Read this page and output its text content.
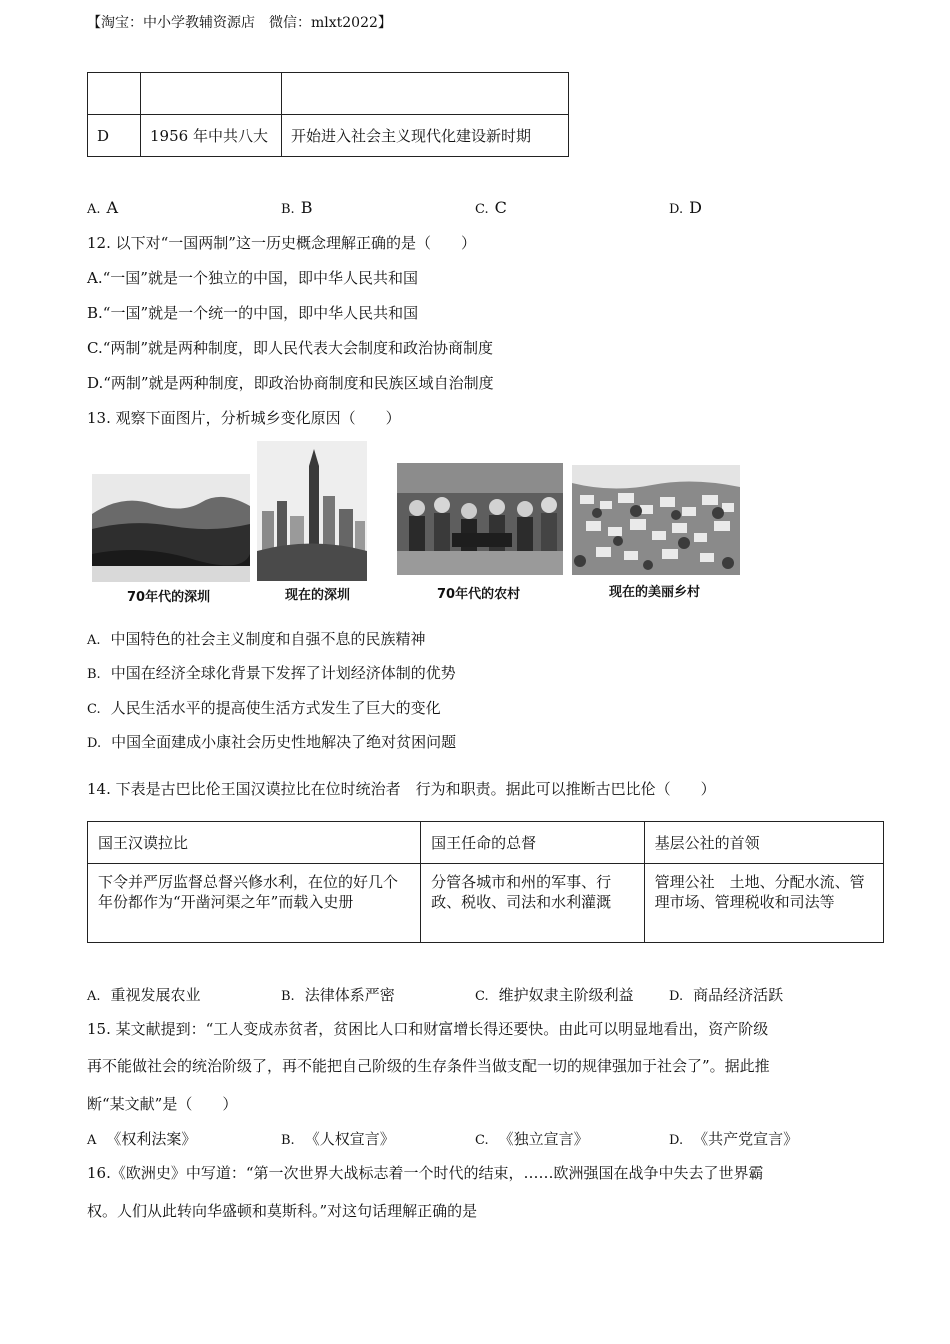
【淘宝：中小学教辅资源店　微信：mlxt2022】

D	1956 年中共八大	开始进入社会主义现代化建设新时期
A. A	B. B	C. C	D. D
12. 以下对“一国两制”这一历史概念理解正确的是（　　）
A.“一国”就是一个独立的中国，即中华人民共和国
B.“一国”就是一个统一的中国，即中华人民共和国
C.“两制”就是两种制度，即人民代表大会制度和政治协商制度
D.“两制”就是两种制度，即政治协商制度和民族区域自治制度
13. 观察下面图片，分析城乡变化原因（　　）
70年代的深圳	现在的深圳	70年代的农村	现在的美丽乡村
A. 中国特色的社会主义制度和自强不息的民族精神
B. 中国在经济全球化背景下发挥了计划经济体制的优势
C. 人民生活水平的提高使生活方式发生了巨大的变化
D. 中国全面建成小康社会历史性地解决了绝对贫困问题
14. 下表是古巴比伦王国汉谟拉比在位时统治者　行为和职责。据此可以推断古巴比伦（　　）
国王汉谟拉比	国王任命的总督	基层公社的首领
下令并严厉监督总督兴修水利，在位的好几个年份都作为“开凿河渠之年”而载入史册	分管各城市和州的军事、行政、税收、司法和水利灌溉	管理公社　土地、分配水流、管理市场、管理税收和司法等
A. 重视发展农业	B. 法律体系严密	C. 维护奴隶主阶级利益	D. 商品经济活跃
15. 某文献提到：“工人变成赤贫者，贫困比人口和财富增长得还要快。由此可以明显地看出，资产阶级
再不能做社会的统治阶级了，再不能把自己阶级的生存条件当做支配一切的规律强加于社会了”。据此推
断“某文献”是（　　）
A 《权利法案》	B. 《人权宣言》	C. 《独立宣言》	D. 《共产党宣言》
16.《欧洲史》中写道：“第一次世界大战标志着一个时代的结束，……欧洲强国在战争中失去了世界霸
权。人们从此转向华盛顿和莫斯科。”对这句话理解正确的是
